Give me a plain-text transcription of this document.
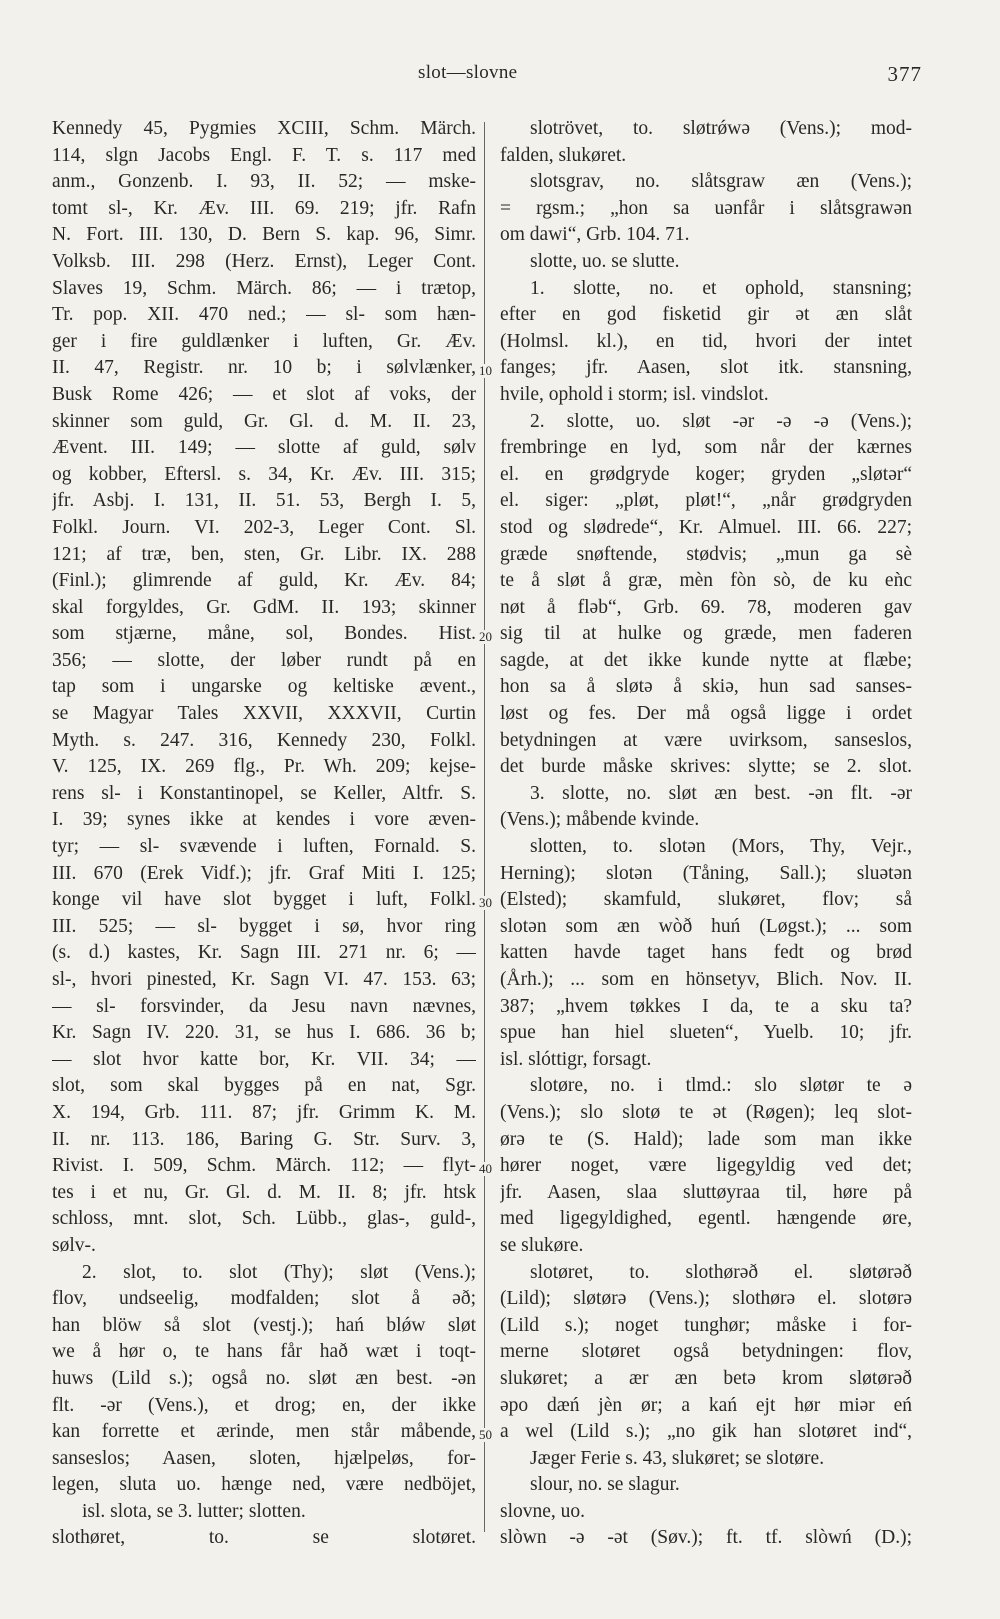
slot—slovne	377
Kennedy 45, Pygmies XCIII, Schm. Märch.
114, slgn Jacobs Engl. F. T. s. 117 med
anm., Gonzenb. I. 93, II. 52; — mske-
tomt sl-, Kr. Æv. III. 69. 219; jfr. Rafn
N. Fort. III. 130, D. Bern S. kap. 96, Simr.
Volksb. III. 298 (Herz. Ernst), Leger Cont.
Slaves 19, Schm. Märch. 86; — i trætop,
Tr. pop. XII. 470 ned.; — sl- som hæn-
ger i fire guldlænker i luften, Gr. Æv.
II. 47, Registr. nr. 10 b; i sølvlænker,
Busk Rome 426; — et slot af voks, der
skinner som guld, Gr. Gl. d. M. II. 23,
Ævent. III. 149; — slotte af guld, sølv
og kobber, Eftersl. s. 34, Kr. Æv. III. 315;
jfr. Asbj. I. 131, II. 51. 53, Bergh I. 5,
Folkl. Journ. VI. 202-3, Leger Cont. Sl.
121; af træ, ben, sten, Gr. Libr. IX. 288
(Finl.); glimrende af guld, Kr. Æv. 84;
skal forgyldes, Gr. GdM. II. 193; skinner
som stjærne, måne, sol, Bondes. Hist.
356; — slotte, der løber rundt på en
tap som i ungarske og keltiske ævent.,
se Magyar Tales XXVII, XXXVII, Curtin
Myth. s. 247. 316, Kennedy 230, Folkl.
V. 125, IX. 269 flg., Pr. Wh. 209; kejse-
rens sl- i Konstantinopel, se Keller, Altfr. S.
I. 39; synes ikke at kendes i vore æven-
tyr; — sl- svævende i luften, Fornald. S.
III. 670 (Erek Vidf.); jfr. Graf Miti I. 125;
konge vil have slot bygget i luft, Folkl.
III. 525; — sl- bygget i sø, hvor ring
(s. d.) kastes, Kr. Sagn III. 271 nr. 6; —
sl-, hvori pinested, Kr. Sagn VI. 47. 153. 63;
— sl- forsvinder, da Jesu navn nævnes,
Kr. Sagn IV. 220. 31, se hus I. 686. 36 b;
— slot hvor katte bor, Kr. VII. 34; —
slot, som skal bygges på en nat, Sgr.
X. 194, Grb. 111. 87; jfr. Grimm K. M.
II. nr. 113. 186, Baring G. Str. Surv. 3,
Rivist. I. 509, Schm. Märch. 112; — flyt-
tes i et nu, Gr. Gl. d. M. II. 8; jfr. htsk
schloss, mnt. slot, Sch. Lübb., glas-, guld-,
sølv-.
2. slot, to. slot (Thy); sløt (Vens.);
flov, undseelig, modfalden; slot å əð;
han blöw så slot (vestj.); hań blǿw sløt
we å hør o, te hans får hað wæt i toqt-
huws (Lild s.); også no. sløt æn best. -ən
flt. -ər (Vens.), et drog; en, der ikke
kan forrette et ærinde, men står måbende,
sanseslos; Aasen, sloten, hjælpeløs, for-
legen, sluta uo. hænge ned, være nedböjet,
isl. slota, se 3. lutter; slotten.
slothøret, to. se slotøret.
slotrövet, to. sløtrǿwə (Vens.); mod-
falden, slukøret.
slotsgrav, no. slåtsgraw æn (Vens.);
= rgsm.; „hon sa uənfår i slåtsgrawən
om dawi“, Grb. 104. 71.
slotte, uo. se slutte.
1. slotte, no. et ophold, stansning;
efter en god fisketid gir ət æn slåt
(Holmsl. kl.), en tid, hvori der intet
fanges; jfr. Aasen, slot itk. stansning,
hvile, ophold i storm; isl. vindslot.
2. slotte, uo. sløt -ər -ə -ə (Vens.);
frembringe en lyd, som når der kærnes
el. en grødgryde koger; gryden „sløtər“
el. siger: „pløt, pløt!“, „når grødgryden
stod og slødrede“, Kr. Almuel. III. 66. 227;
græde snøftende, stødvis; „mun ga sè
te å sløt å græ, mèn fòn sò, de ku eǹc
nøt å fləb“, Grb. 69. 78, moderen gav
sig til at hulke og græde, men faderen
sagde, at det ikke kunde nytte at flæbe;
hon sa å sløtə å skiə, hun sad sanses-
løst og fes. Der må også ligge i ordet
betydningen at være uvirksom, sanseslos,
det burde måske skrives: slytte; se 2. slot.
3. slotte, no. sløt æn best. -ən flt. -ər
(Vens.); måbende kvinde.
slotten, to. slotən (Mors, Thy, Vejr.,
Herning); slotən (Tåning, Sall.); sluətən
(Elsted); skamfuld, slukøret, flov; så
slotən som æn wòð huń (Løgst.); ... som
katten havde taget hans fedt og brød
(Årh.); ... som en hönsetyv, Blich. Nov. II.
387; „hvem tøkkes I da, te a sku ta?
spue han hiel slueten“, Yuelb. 10; jfr.
isl. slóttigr, forsagt.
slotøre, no. i tlmd.: slo sløtør te ə
(Vens.); slo slotø te ət (Røgen); leq slot-
ørə te (S. Hald); lade som man ikke
hører noget, være ligegyldig ved det;
jfr. Aasen, slaa sluttøyraa til, høre på
med ligegyldighed, egentl. hængende øre,
se slukøre.
slotøret, to. slothørəð el. sløtørəð
(Lild); sløtørə (Vens.); slothørə el. slotørə
(Lild s.); noget tunghør; måske i for-
merne slotøret også betydningen: flov,
slukøret; a ær æn betə krom sløtørəð
əpo dæń jèn ør; a kań ejt hør miər eń
a wel (Lild s.); „no gik han slotøret ind“,
Jæger Ferie s. 43, slukøret; se slotøre.
slour, no. se slagur.
slovne, uo.
slòwn -ə -ət (Søv.); ft. tf. slòwń (D.);
10
20
30
40
50
